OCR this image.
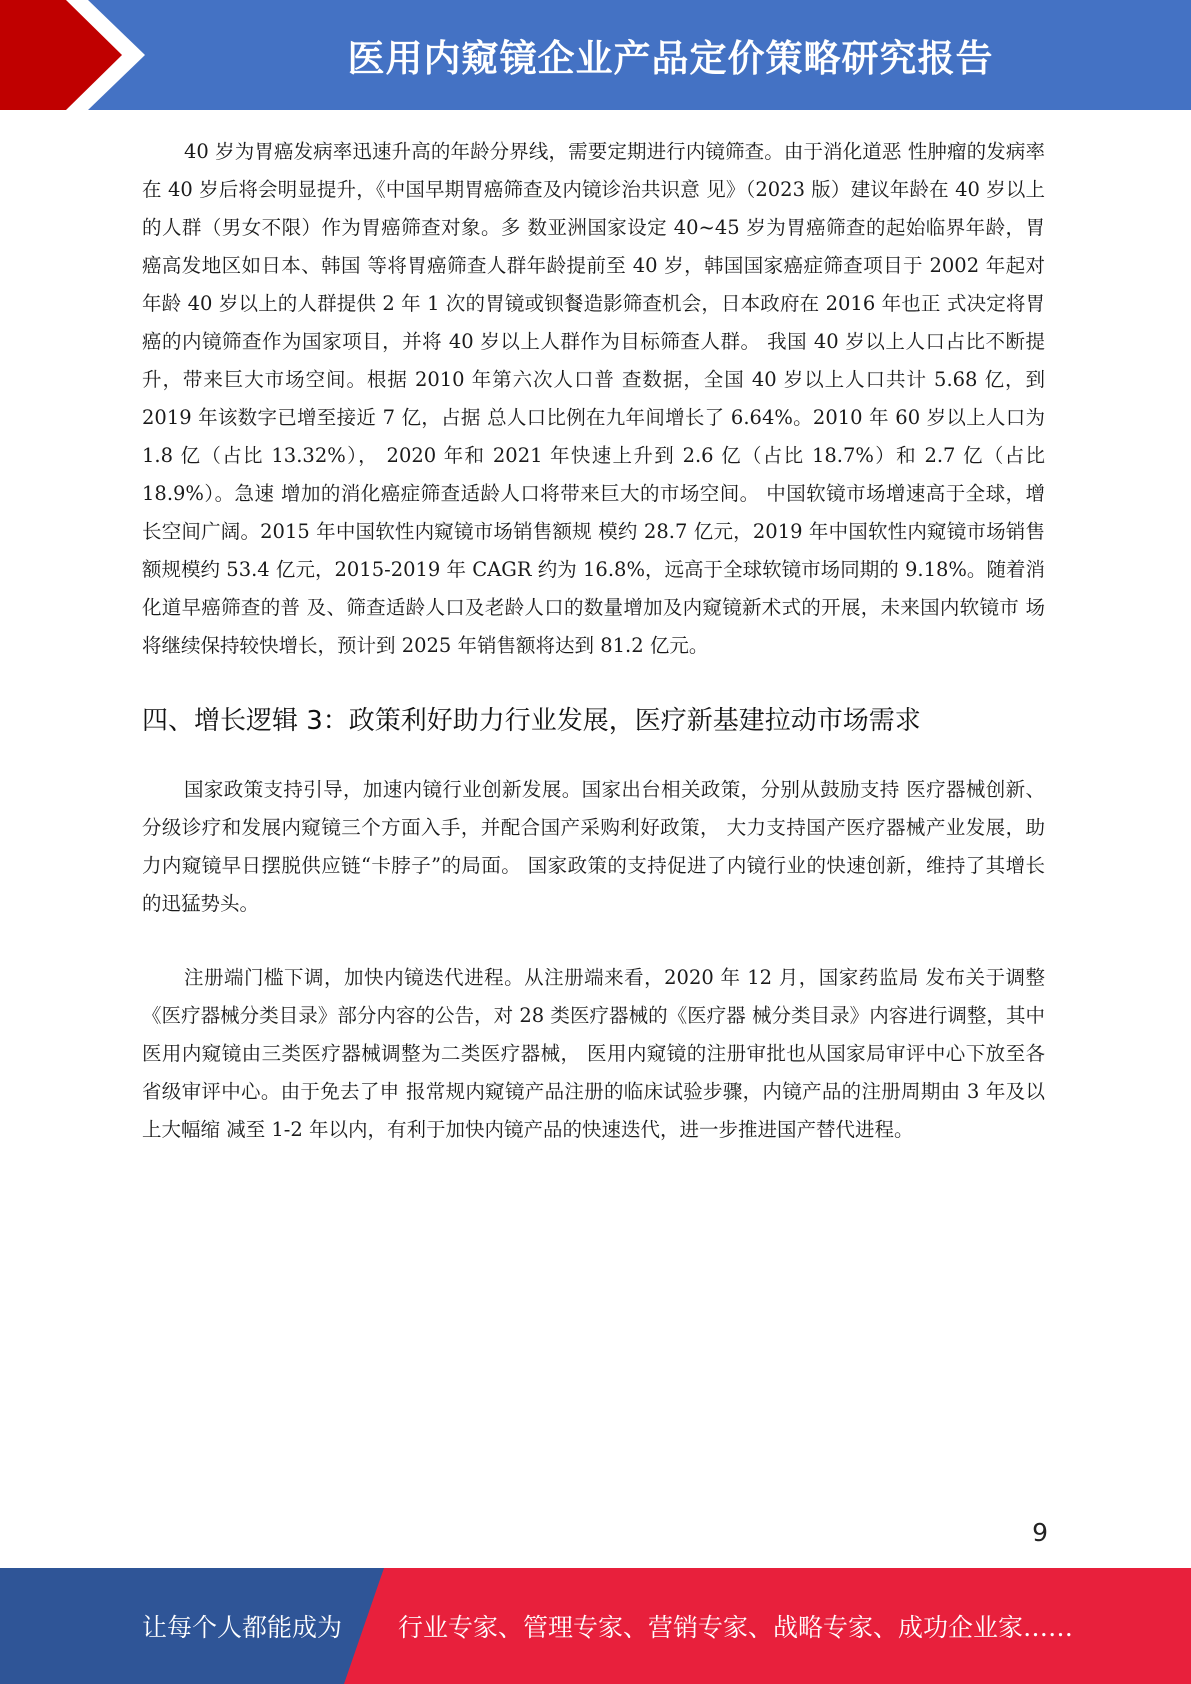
医用内窥镜企业产品定价策略研究报告

40 岁为胃癌发病率迅速升高的年龄分界线，需要定期进行内镜筛查。由于消化道恶 性肿瘤的发病率在 40 岁后将会明显提升，《中国早期胃癌筛查及内镜诊治共识意 见》（2023 版）建议年龄在 40 岁以上的人群（男女不限）作为胃癌筛查对象。多 数亚洲国家设定 40~45 岁为胃癌筛查的起始临界年龄，胃癌高发地区如日本、韩国 等将胃癌筛查人群年龄提前至 40 岁，韩国国家癌症筛查项目于 2002 年起对年龄 40 岁以上的人群提供 2 年 1 次的胃镜或钡餐造影筛查机会，日本政府在 2016 年也正 式决定将胃癌的内镜筛查作为国家项目，并将 40 岁以上人群作为目标筛查人群。 我国 40 岁以上人口占比不断提升，带来巨大市场空间。根据 2010 年第六次人口普 查数据，全国 40 岁以上人口共计 5.68 亿，到 2019 年该数字已增至接近 7 亿，占据 总人口比例在九年间增长了 6.64%。2010 年 60 岁以上人口为 1.8 亿（占比 13.32%）， 2020 年和 2021 年快速上升到 2.6 亿（占比 18.7%）和 2.7 亿（占比 18.9%）。急速 增加的消化癌症筛查适龄人口将带来巨大的市场空间。 中国软镜市场增速高于全球，增长空间广阔。2015 年中国软性内窥镜市场销售额规 模约 28.7 亿元，2019 年中国软性内窥镜市场销售额规模约 53.4 亿元，2015-2019 年 CAGR 约为 16.8%，远高于全球软镜市场同期的 9.18%。随着消化道早癌筛查的普 及、筛查适龄人口及老龄人口的数量增加及内窥镜新术式的开展，未来国内软镜市 场将继续保持较快增长，预计到 2025 年销售额将达到 81.2 亿元。

四、增长逻辑 3：政策利好助力行业发展，医疗新基建拉动市场需求

国家政策支持引导，加速内镜行业创新发展。国家出台相关政策，分别从鼓励支持 医疗器械创新、分级诊疗和发展内窥镜三个方面入手，并配合国产采购利好政策， 大力支持国产医疗器械产业发展，助力内窥镜早日摆脱供应链“卡脖子”的局面。 国家政策的支持促进了内镜行业的快速创新，维持了其增长的迅猛势头。

注册端门槛下调，加快内镜迭代进程。从注册端来看，2020 年 12 月，国家药监局 发布关于调整《医疗器械分类目录》部分内容的公告，对 28 类医疗器械的《医疗器 械分类目录》内容进行调整，其中医用内窥镜由三类医疗器械调整为二类医疗器械， 医用内窥镜的注册审批也从国家局审评中心下放至各省级审评中心。由于免去了申 报常规内窥镜产品注册的临床试验步骤，内镜产品的注册周期由 3 年及以上大幅缩 减至 1-2 年以内，有利于加快内镜产品的快速迭代，进一步推进国产替代进程。

9
让每个人都能成为 行业专家、管理专家、营销专家、战略专家、成功企业家……
